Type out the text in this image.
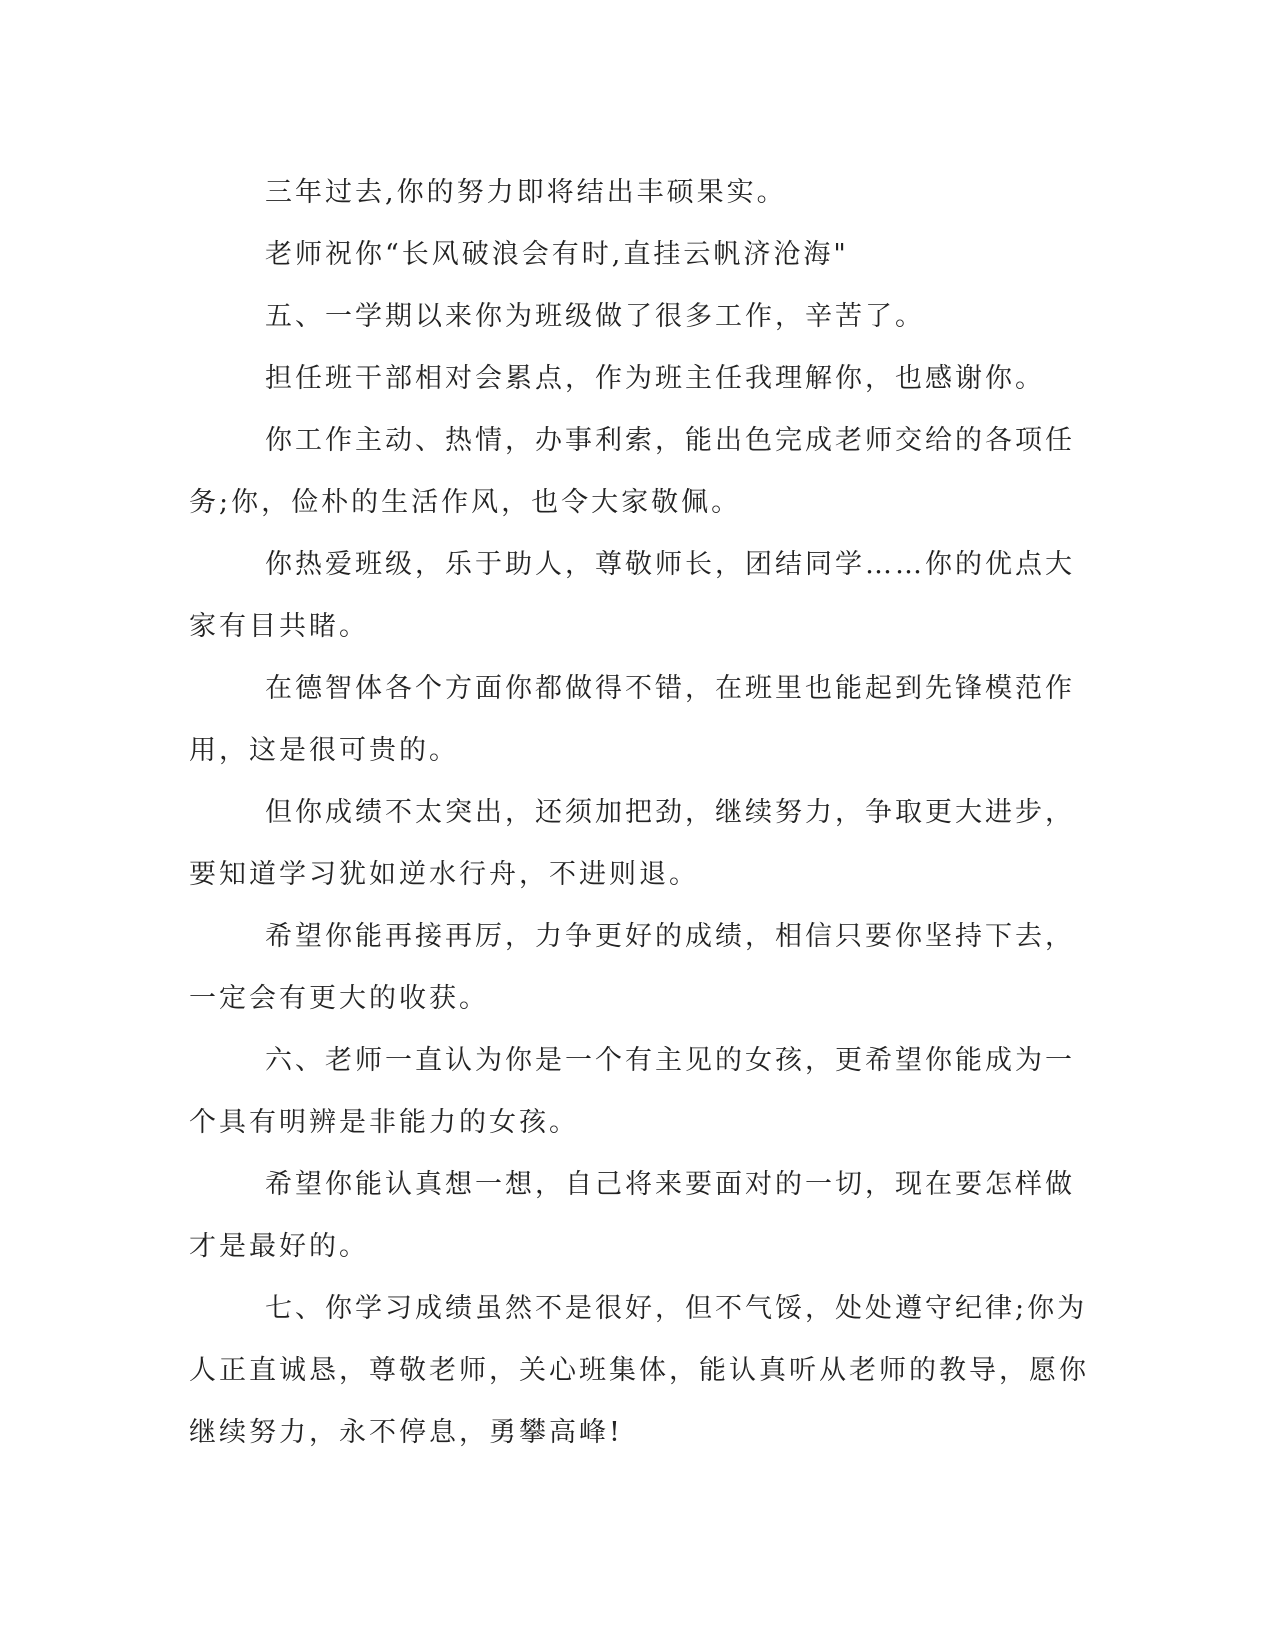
三年过去,你的努力即将结出丰硕果实。

老师祝你“长风破浪会有时,直挂云帆济沧海"

五、一学期以来你为班级做了很多工作，辛苦了。

担任班干部相对会累点，作为班主任我理解你，也感谢你。

你工作主动、热情，办事利索，能出色完成老师交给的各项任务;你，俭朴的生活作风，也令大家敬佩。

你热爱班级，乐于助人，尊敬师长，团结同学……你的优点大家有目共睹。

在德智体各个方面你都做得不错，在班里也能起到先锋模范作用，这是很可贵的。

但你成绩不太突出，还须加把劲，继续努力，争取更大进步，要知道学习犹如逆水行舟，不进则退。

希望你能再接再厉，力争更好的成绩，相信只要你坚持下去，一定会有更大的收获。

六、老师一直认为你是一个有主见的女孩，更希望你能成为一个具有明辨是非能力的女孩。

希望你能认真想一想，自己将来要面对的一切，现在要怎样做才是最好的。

七、你学习成绩虽然不是很好，但不气馁，处处遵守纪律;你为人正直诚恳，尊敬老师，关心班集体，能认真听从老师的教导，愿你继续努力，永不停息，勇攀高峰!
